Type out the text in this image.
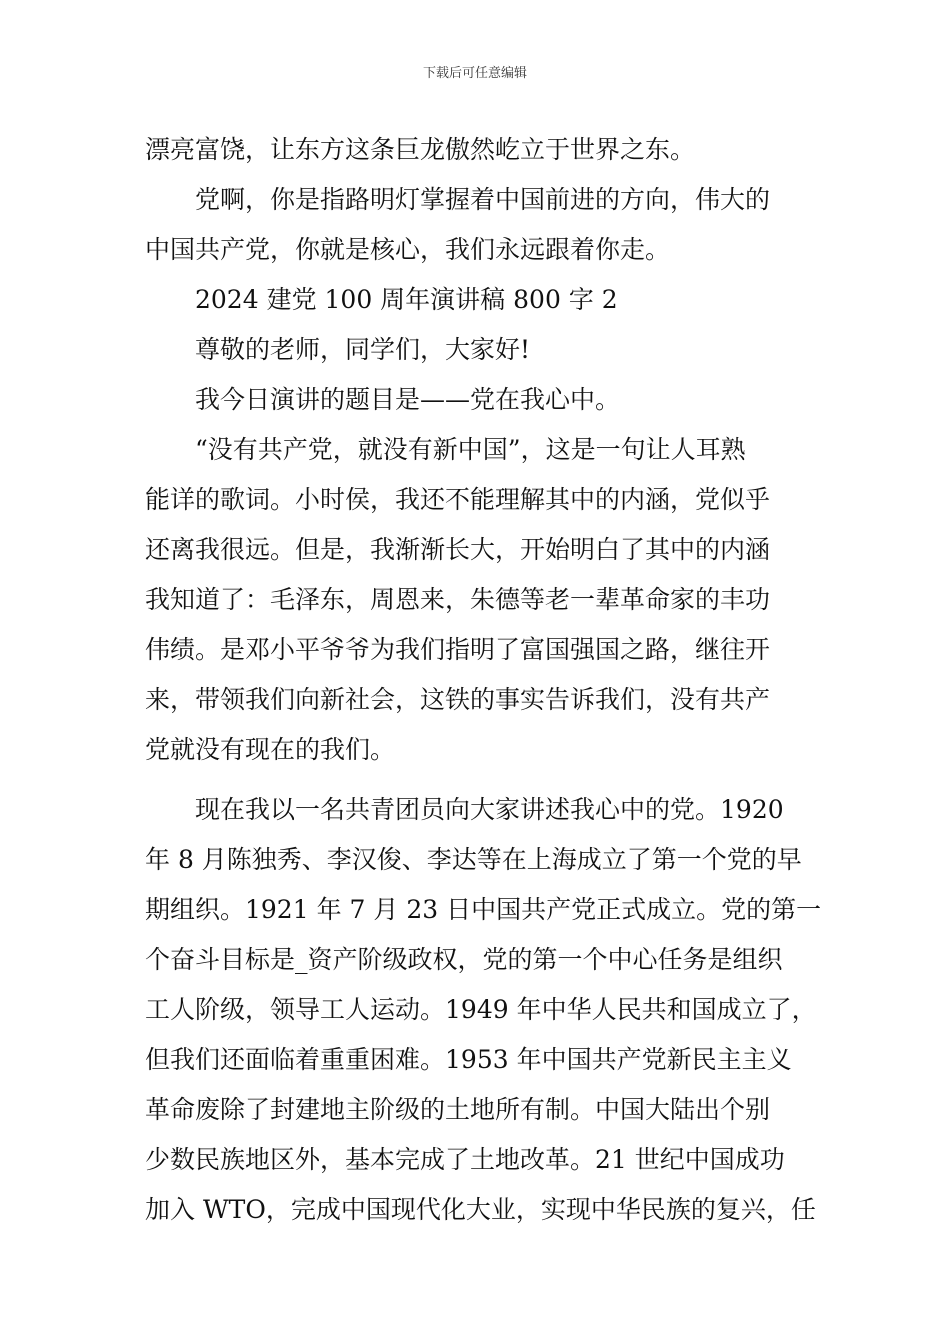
下载后可任意编辑
漂亮富饶，让东方这条巨龙傲然屹立于世界之东。
党啊，你是指路明灯掌握着中国前进的方向，伟大的
中国共产党，你就是核心，我们永远跟着你走。
2024 建党 100 周年演讲稿 800 字 2
尊敬的老师，同学们，大家好!
我今日演讲的题目是——党在我心中。
“没有共产党，就没有新中国”，这是一句让人耳熟
能详的歌词。小时侯，我还不能理解其中的内涵，党似乎
还离我很远。但是，我渐渐长大，开始明白了其中的内涵
我知道了：毛泽东，周恩来，朱德等老一辈革命家的丰功
伟绩。是邓小平爷爷为我们指明了富国强国之路，继往开
来，带领我们向新社会，这铁的事实告诉我们，没有共产
党就没有现在的我们。
现在我以一名共青团员向大家讲述我心中的党。1920
年 8 月陈独秀、李汉俊、李达等在上海成立了第一个党的早
期组织。1921 年 7 月 23 日中国共产党正式成立。党的第一
个奋斗目标是_资产阶级政权，党的第一个中心任务是组织
工人阶级，领导工人运动。1949 年中华人民共和国成立了，
但我们还面临着重重困难。1953 年中国共产党新民主主义
革命废除了封建地主阶级的土地所有制。中国大陆出个别
少数民族地区外，基本完成了土地改革。21 世纪中国成功
加入 WTO，完成中国现代化大业，实现中华民族的复兴，任
